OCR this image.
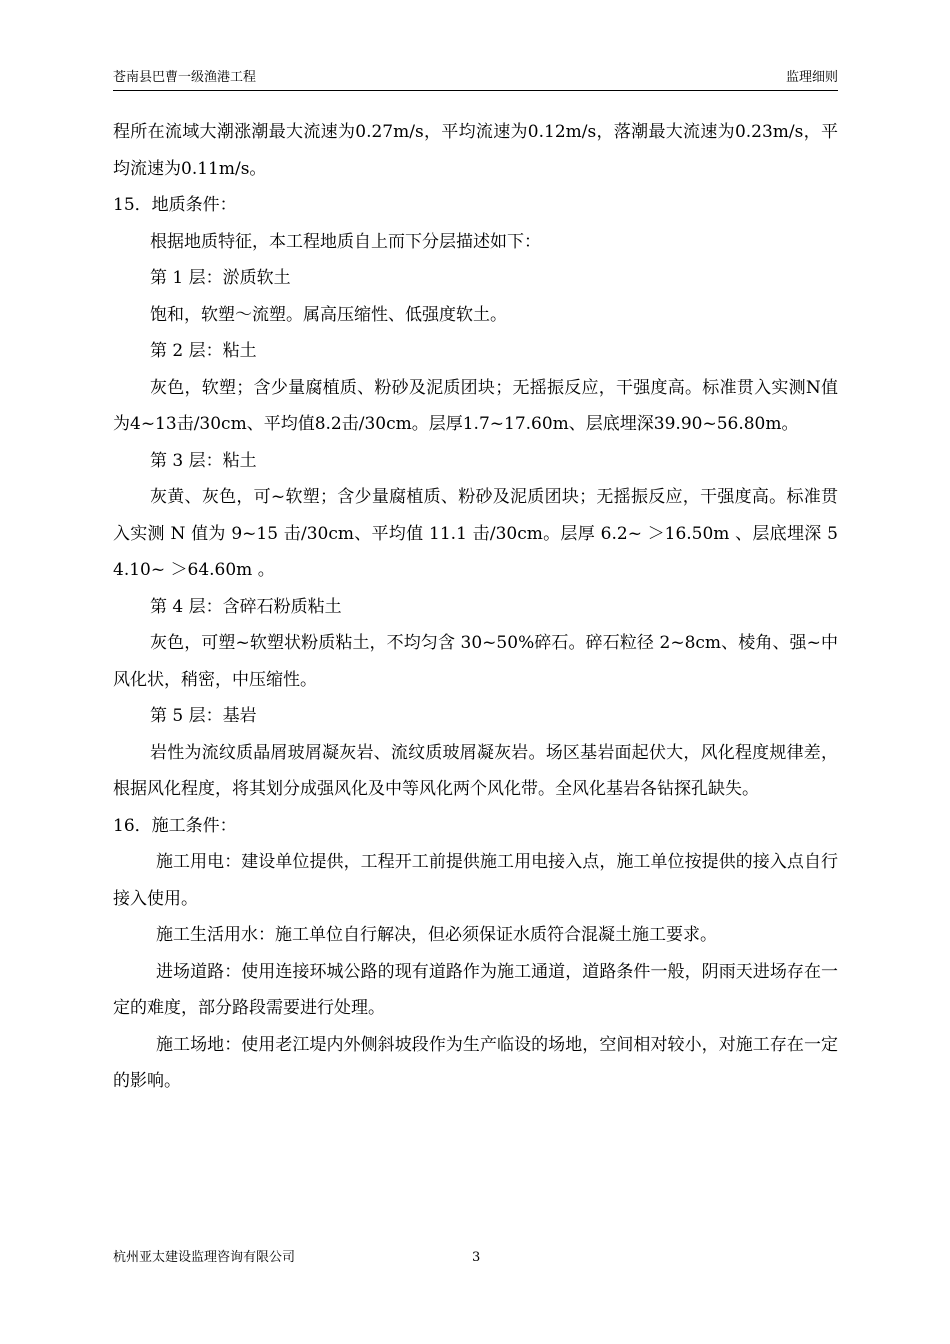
苍南县巴曹一级渔港工程	监理细则

程所在流域大潮涨潮最大流速为0.27m/s，平均流速为0.12m/s，落潮最大流速为0.23m/s，平均流速为0.11m/s。

15．地质条件：

根据地质特征，本工程地质自上而下分层描述如下：

第 1 层：淤质软土

饱和，软塑～流塑。属高压缩性、低强度软土。

第 2 层：粘土

灰色，软塑；含少量腐植质、粉砂及泥质团块；无摇振反应，干强度高。标准贯入实测N值为4~13击/30cm、平均值8.2击/30cm。层厚1.7~17.60m、层底埋深39.90~56.80m。

第 3 层：粘土

灰黄、灰色，可~软塑；含少量腐植质、粉砂及泥质团块；无摇振反应，干强度高。标准贯入实测 N 值为 9~15 击/30cm、平均值 11.1 击/30cm。层厚 6.2~ ＞16.50m 、层底埋深 54.10~ ＞64.60m 。

第 4 层：含碎石粉质粘土

灰色，可塑~软塑状粉质粘土，不均匀含 30~50%碎石。碎石粒径 2~8cm、棱角、强~中风化状，稍密，中压缩性。

第 5 层：基岩

岩性为流纹质晶屑玻屑凝灰岩、流纹质玻屑凝灰岩。场区基岩面起伏大，风化程度规律差，根据风化程度，将其划分成强风化及中等风化两个风化带。全风化基岩各钻探孔缺失。

16．施工条件：

施工用电：建设单位提供，工程开工前提供施工用电接入点，施工单位按提供的接入点自行接入使用。

施工生活用水：施工单位自行解决，但必须保证水质符合混凝土施工要求。

进场道路：使用连接环城公路的现有道路作为施工通道，道路条件一般，阴雨天进场存在一定的难度，部分路段需要进行处理。

施工场地：使用老江堤内外侧斜坡段作为生产临设的场地，空间相对较小，对施工存在一定的影响。

杭州亚太建设监理咨询有限公司	3
